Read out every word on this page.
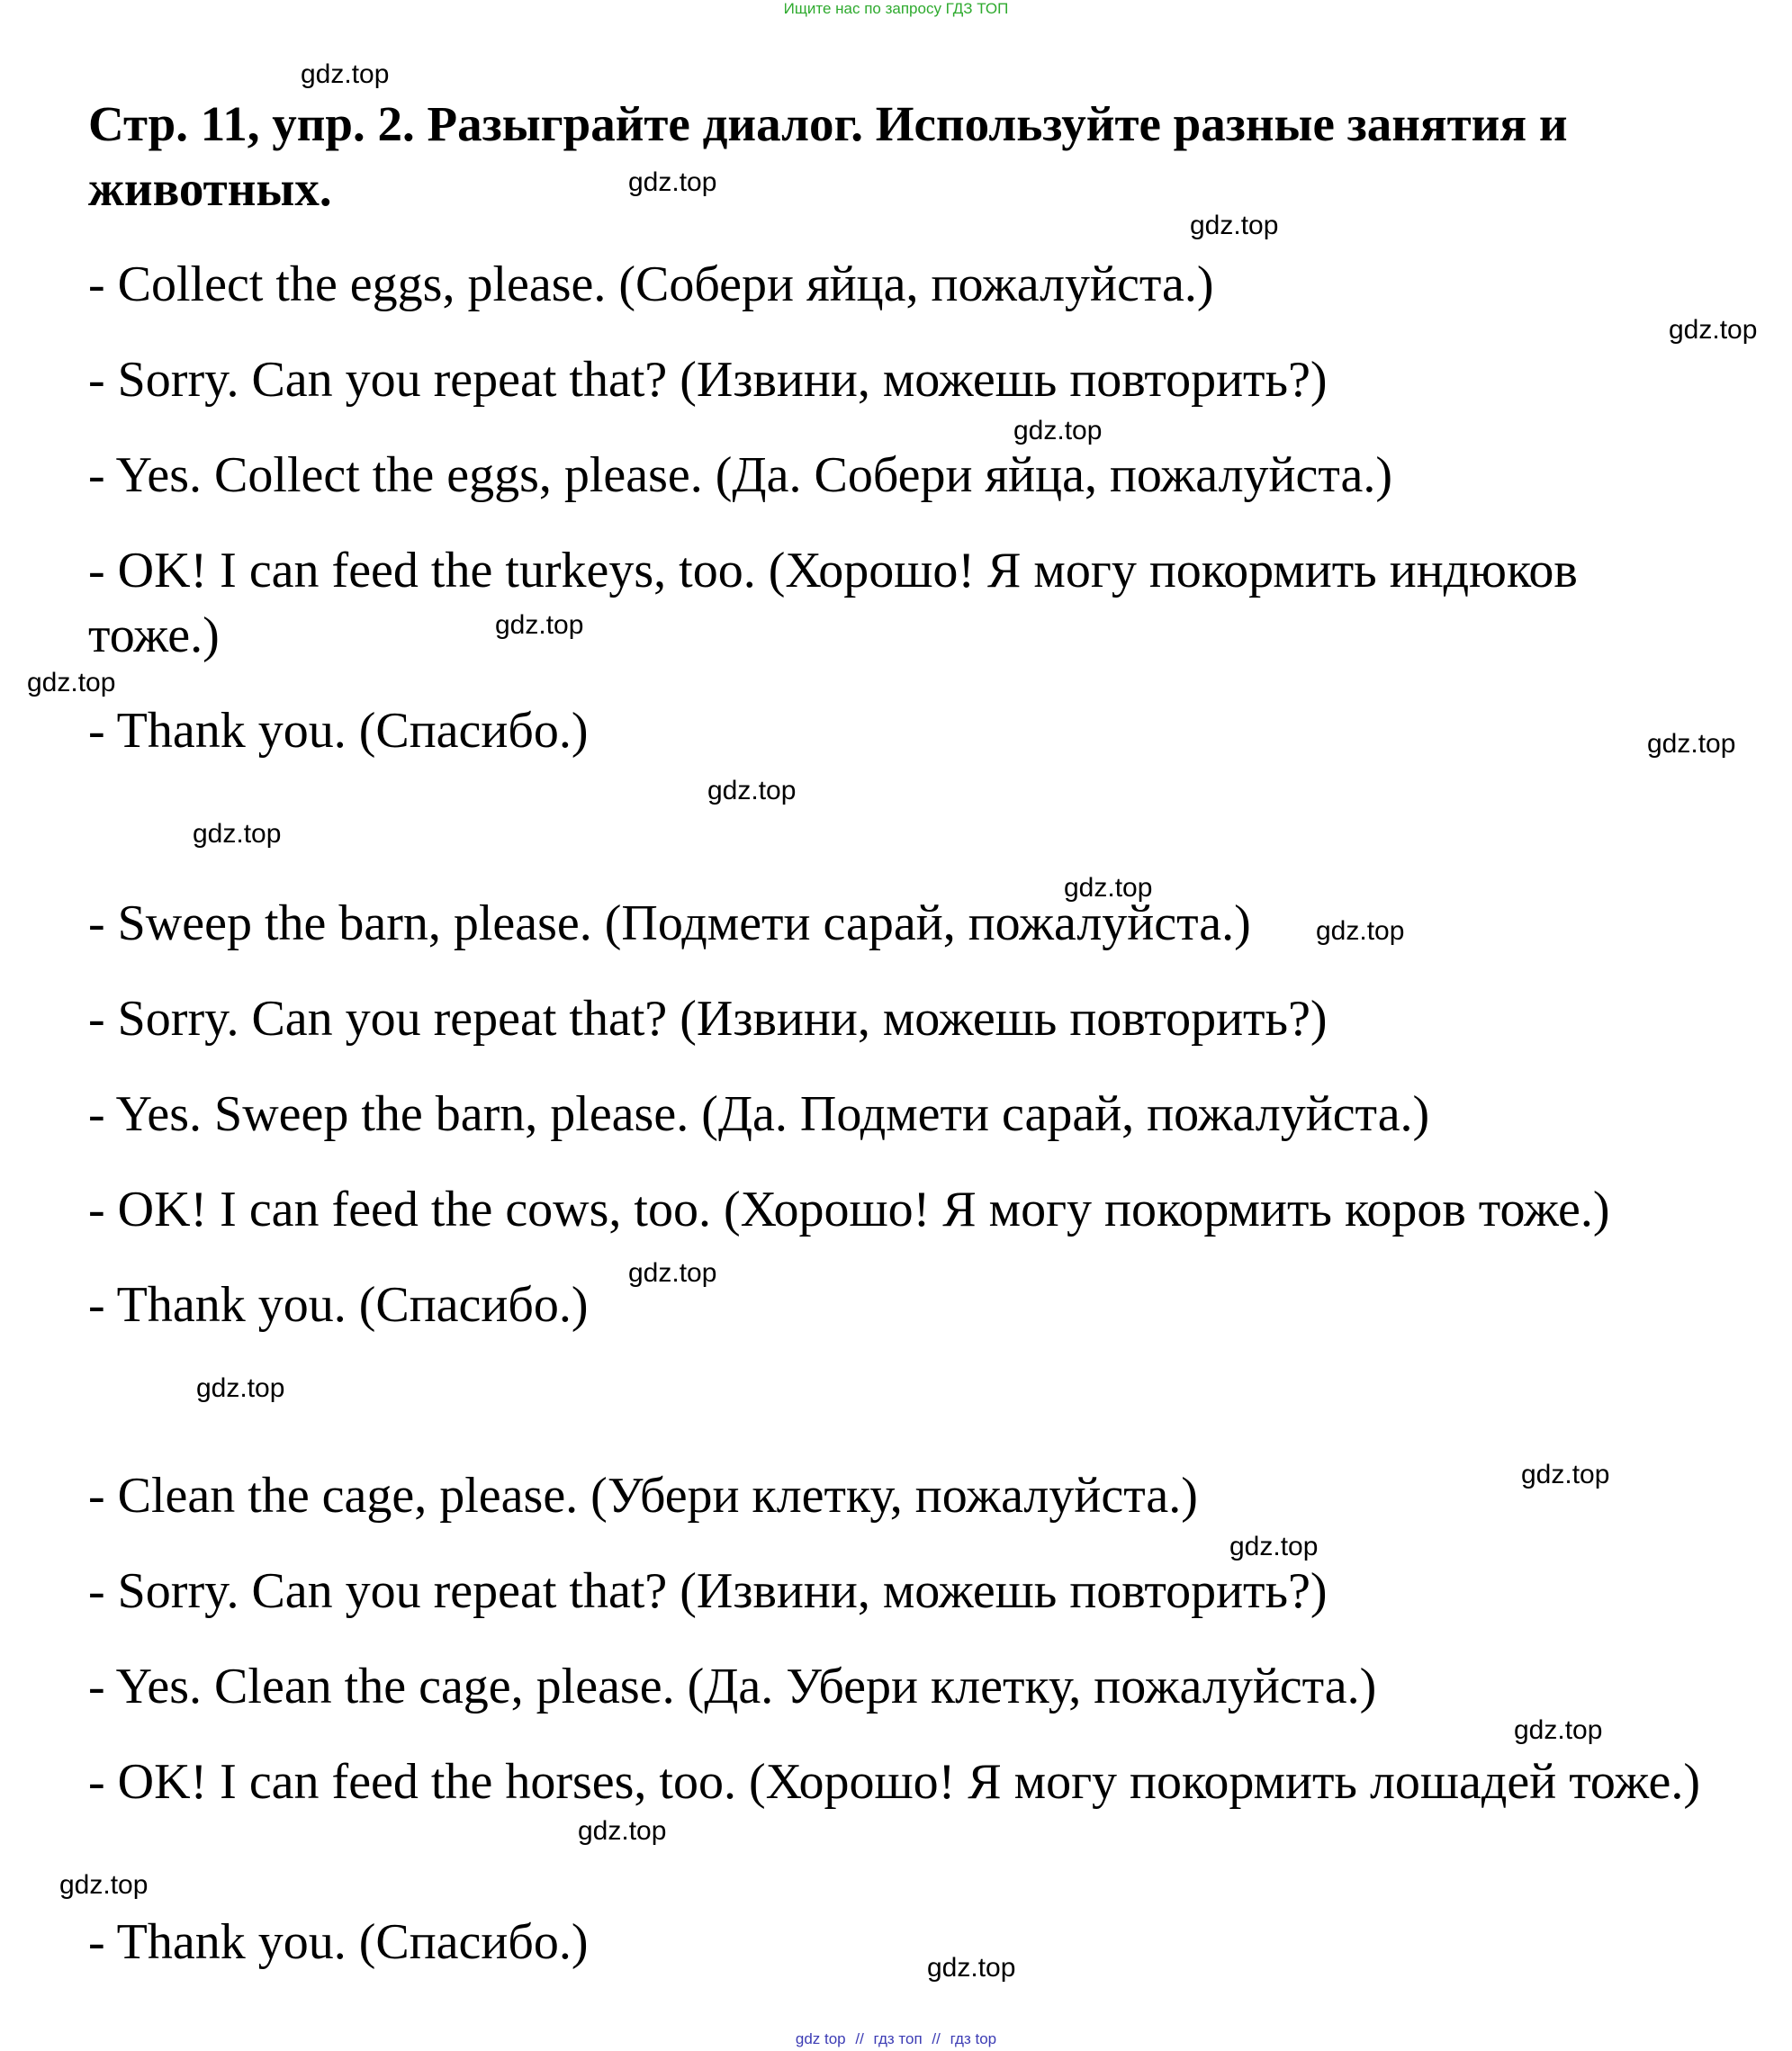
Ищите нас по запросу ГДЗ ТОП
Стр. 11, упр. 2. Разыграйте диалог. Используйте разные занятия и животных.
- Collect the eggs, please. (Собери яйца, пожалуйста.)
- Sorry. Can you repeat that? (Извини, можешь повторить?)
- Yes. Collect the eggs, please. (Да. Собери яйца, пожалуйста.)
- OK! I can feed the turkeys, too. (Хорошо! Я могу покормить индюков тоже.)
- Thank you. (Спасибо.)
- Sweep the barn, please. (Подмети сарай, пожалуйста.)
- Sorry. Can you repeat that? (Извини, можешь повторить?)
- Yes. Sweep the barn, please. (Да. Подмети сарай, пожалуйста.)
- OK! I can feed the cows, too. (Хорошо! Я могу покормить коров тоже.)
- Thank you. (Спасибо.)
- Clean the cage, please. (Убери клетку, пожалуйста.)
- Sorry. Can you repeat that? (Извини, можешь повторить?)
- Yes. Clean the cage, please. (Да. Убери клетку, пожалуйста.)
- OK! I can feed the horses, too. (Хорошо! Я могу покормить лошадей тоже.)
- Thank you. (Спасибо.)
gdz.top
gdz.top
gdz.top
gdz.top
gdz.top
gdz.top
gdz.top
gdz.top
gdz.top
gdz.top
gdz.top
gdz.top
gdz.top
gdz.top
gdz.top
gdz.top
gdz.top
gdz.top
gdz.top
gdz.top
gdz top // гдз топ // гдз top
